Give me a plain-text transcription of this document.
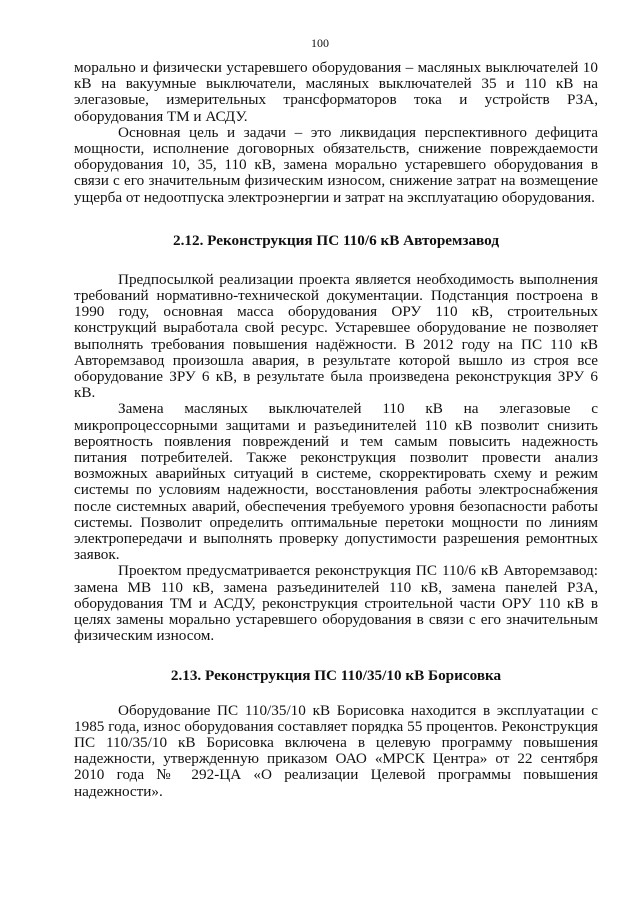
100

морально и физически устаревшего оборудования – масляных выключателей 10 кВ на вакуумные выключатели, масляных выключателей 35 и 110 кВ на элегазовые, измерительных трансформаторов тока и устройств РЗА, оборудования ТМ и АСДУ.

Основная цель и задачи – это ликвидация перспективного дефицита мощности, исполнение договорных обязательств, снижение повреждаемости оборудования 10, 35, 110 кВ, замена морально устаревшего оборудования в связи с его значительным физическим износом, снижение затрат на возмещение ущерба от недоотпуска электроэнергии и затрат на эксплуатацию оборудования.

2.12. Реконструкция ПС 110/6 кВ Авторемзавод

Предпосылкой реализации проекта является необходимость выполнения требований нормативно-технической документации. Подстанция построена в 1990 году, основная масса оборудования ОРУ 110 кВ, строительных конструкций выработала свой ресурс. Устаревшее оборудование не позволяет выполнять требования повышения надёжности. В 2012 году на ПС 110 кВ Авторемзавод произошла авария, в результате которой вышло из строя все оборудование ЗРУ 6 кВ, в результате была произведена реконструкция ЗРУ 6 кВ.

Замена масляных выключателей 110 кВ на элегазовые с микропроцессорными защитами и разъединителей 110 кВ позволит снизить вероятность появления повреждений и тем самым повысить надежность питания потребителей. Также реконструкция позволит провести анализ возможных аварийных ситуаций в системе, скорректировать схему и режим системы по условиям надежности, восстановления работы электроснабжения после системных аварий, обеспечения требуемого уровня безопасности работы системы. Позволит определить оптимальные перетоки мощности по линиям электропередачи и выполнять проверку допустимости разрешения ремонтных заявок.

Проектом предусматривается реконструкция ПС 110/6 кВ Авторемзавод: замена МВ 110 кВ, замена разъединителей 110 кВ, замена панелей РЗА, оборудования ТМ и АСДУ, реконструкция строительной части ОРУ 110 кВ в целях замены морально устаревшего оборудования в связи с его значительным физическим износом.

2.13. Реконструкция ПС 110/35/10 кВ Борисовка

Оборудование ПС 110/35/10 кВ Борисовка находится в эксплуатации с 1985 года, износ оборудования составляет порядка 55 процентов. Реконструкция ПС 110/35/10 кВ Борисовка включена в целевую программу повышения надежности, утвержденную приказом ОАО «МРСК Центра» от 22 сентября 2010 года № 292-ЦА «О реализации Целевой программы повышения надежности».
